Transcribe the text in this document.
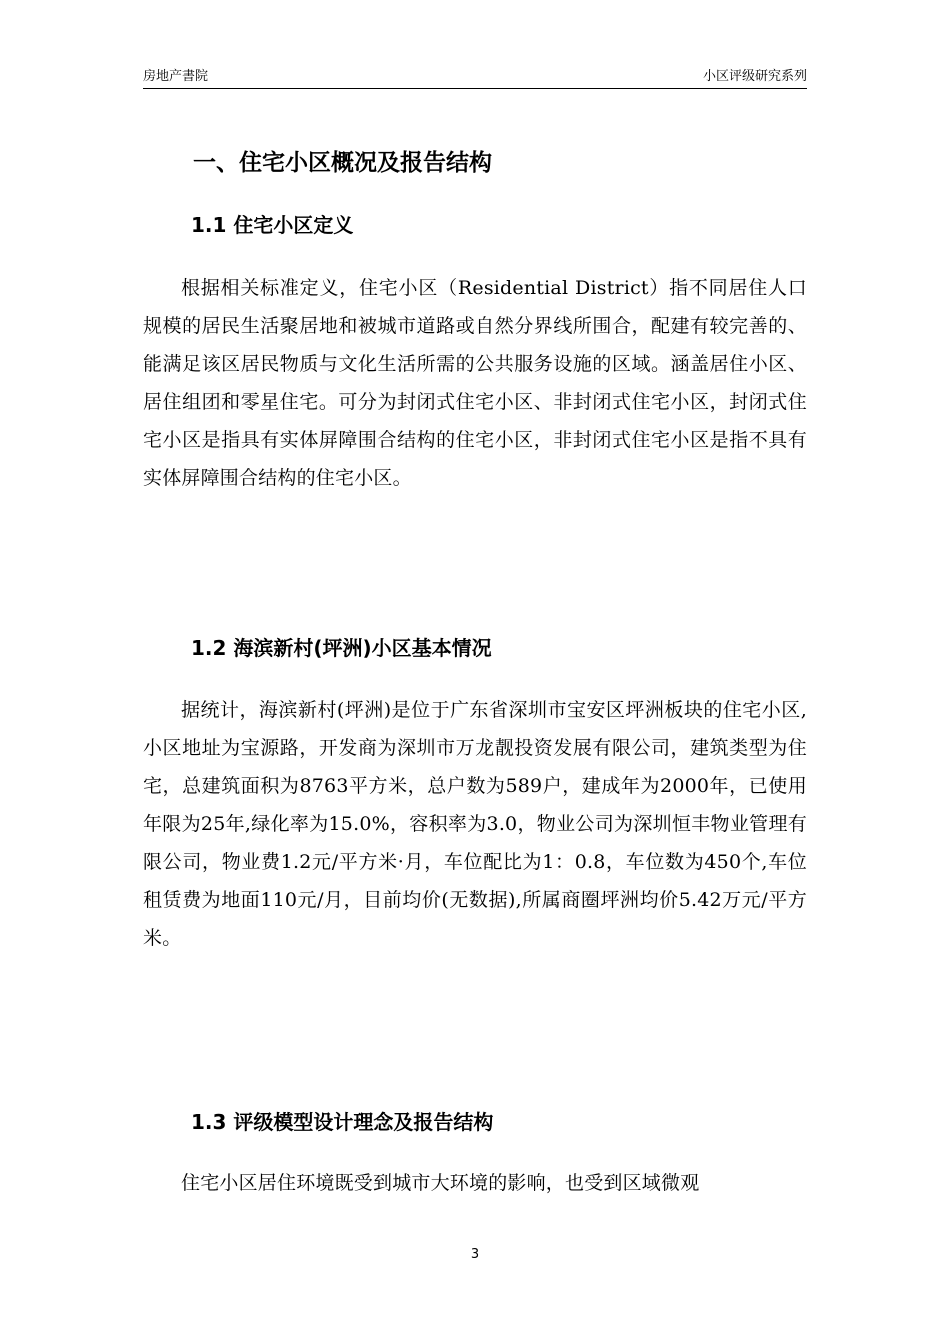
房地产書院	小区评级研究系列
一、住宅小区概况及报告结构
1.1 住宅小区定义
根据相关标准定义，住宅小区（Residential District）指不同居住人口规模的居民生活聚居地和被城市道路或自然分界线所围合，配建有较完善的、能满足该区居民物质与文化生活所需的公共服务设施的区域。涵盖居住小区、居住组团和零星住宅。可分为封闭式住宅小区、非封闭式住宅小区，封闭式住宅小区是指具有实体屏障围合结构的住宅小区，非封闭式住宅小区是指不具有实体屏障围合结构的住宅小区。
1.2 海滨新村(坪洲)小区基本情况
据统计，海滨新村(坪洲)是位于广东省深圳市宝安区坪洲板块的住宅小区,小区地址为宝源路，开发商为深圳市万龙靓投资发展有限公司，建筑类型为住宅，总建筑面积为8763平方米，总户数为589户，建成年为2000年，已使用年限为25年,绿化率为15.0%，容积率为3.0，物业公司为深圳恒丰物业管理有限公司，物业费1.2元/平方米·月，车位配比为1：0.8，车位数为450个,车位租赁费为地面110元/月，目前均价(无数据),所属商圈坪洲均价5.42万元/平方米。
1.3 评级模型设计理念及报告结构
住宅小区居住环境既受到城市大环境的影响，也受到区域微观
3
